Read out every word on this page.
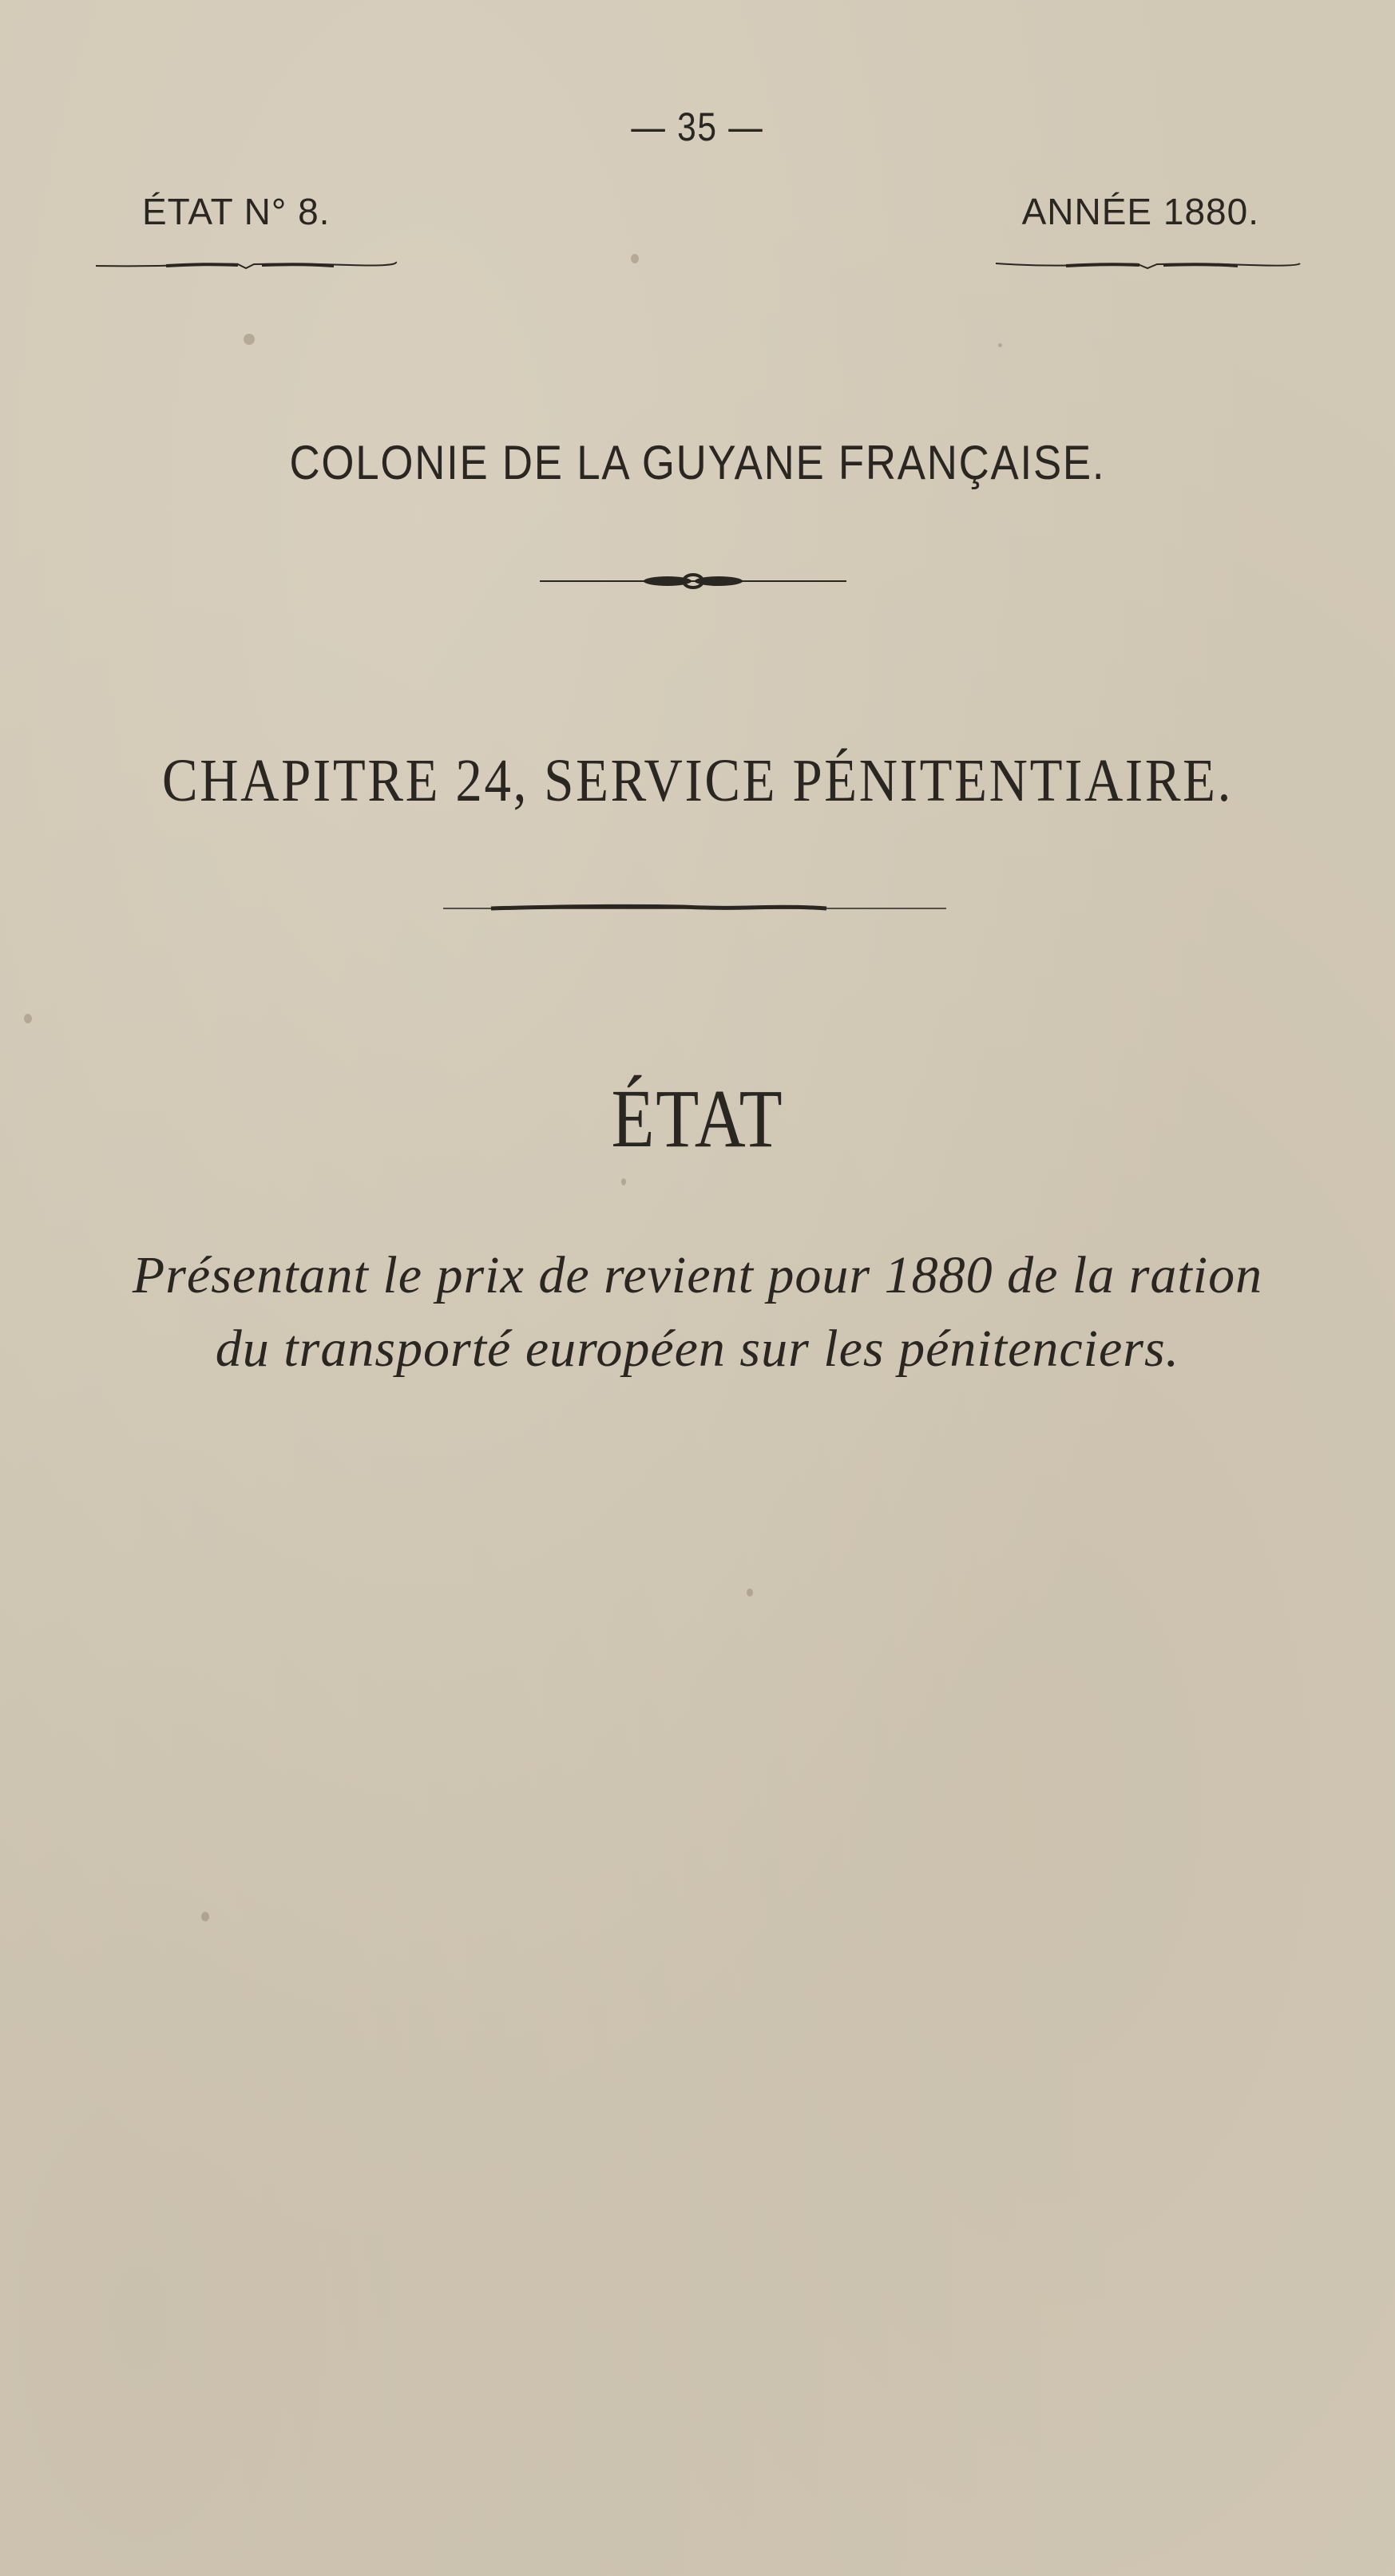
— 35 —
ÉTAT N° 8.	ANNÉE 1880.
COLONIE DE LA GUYANE FRANÇAISE.
CHAPITRE 24, SERVICE PÉNITENTIAIRE.
ÉTAT
Présentant le prix de revient pour 1880 de la ration
du transporté européen sur les pénitenciers.
